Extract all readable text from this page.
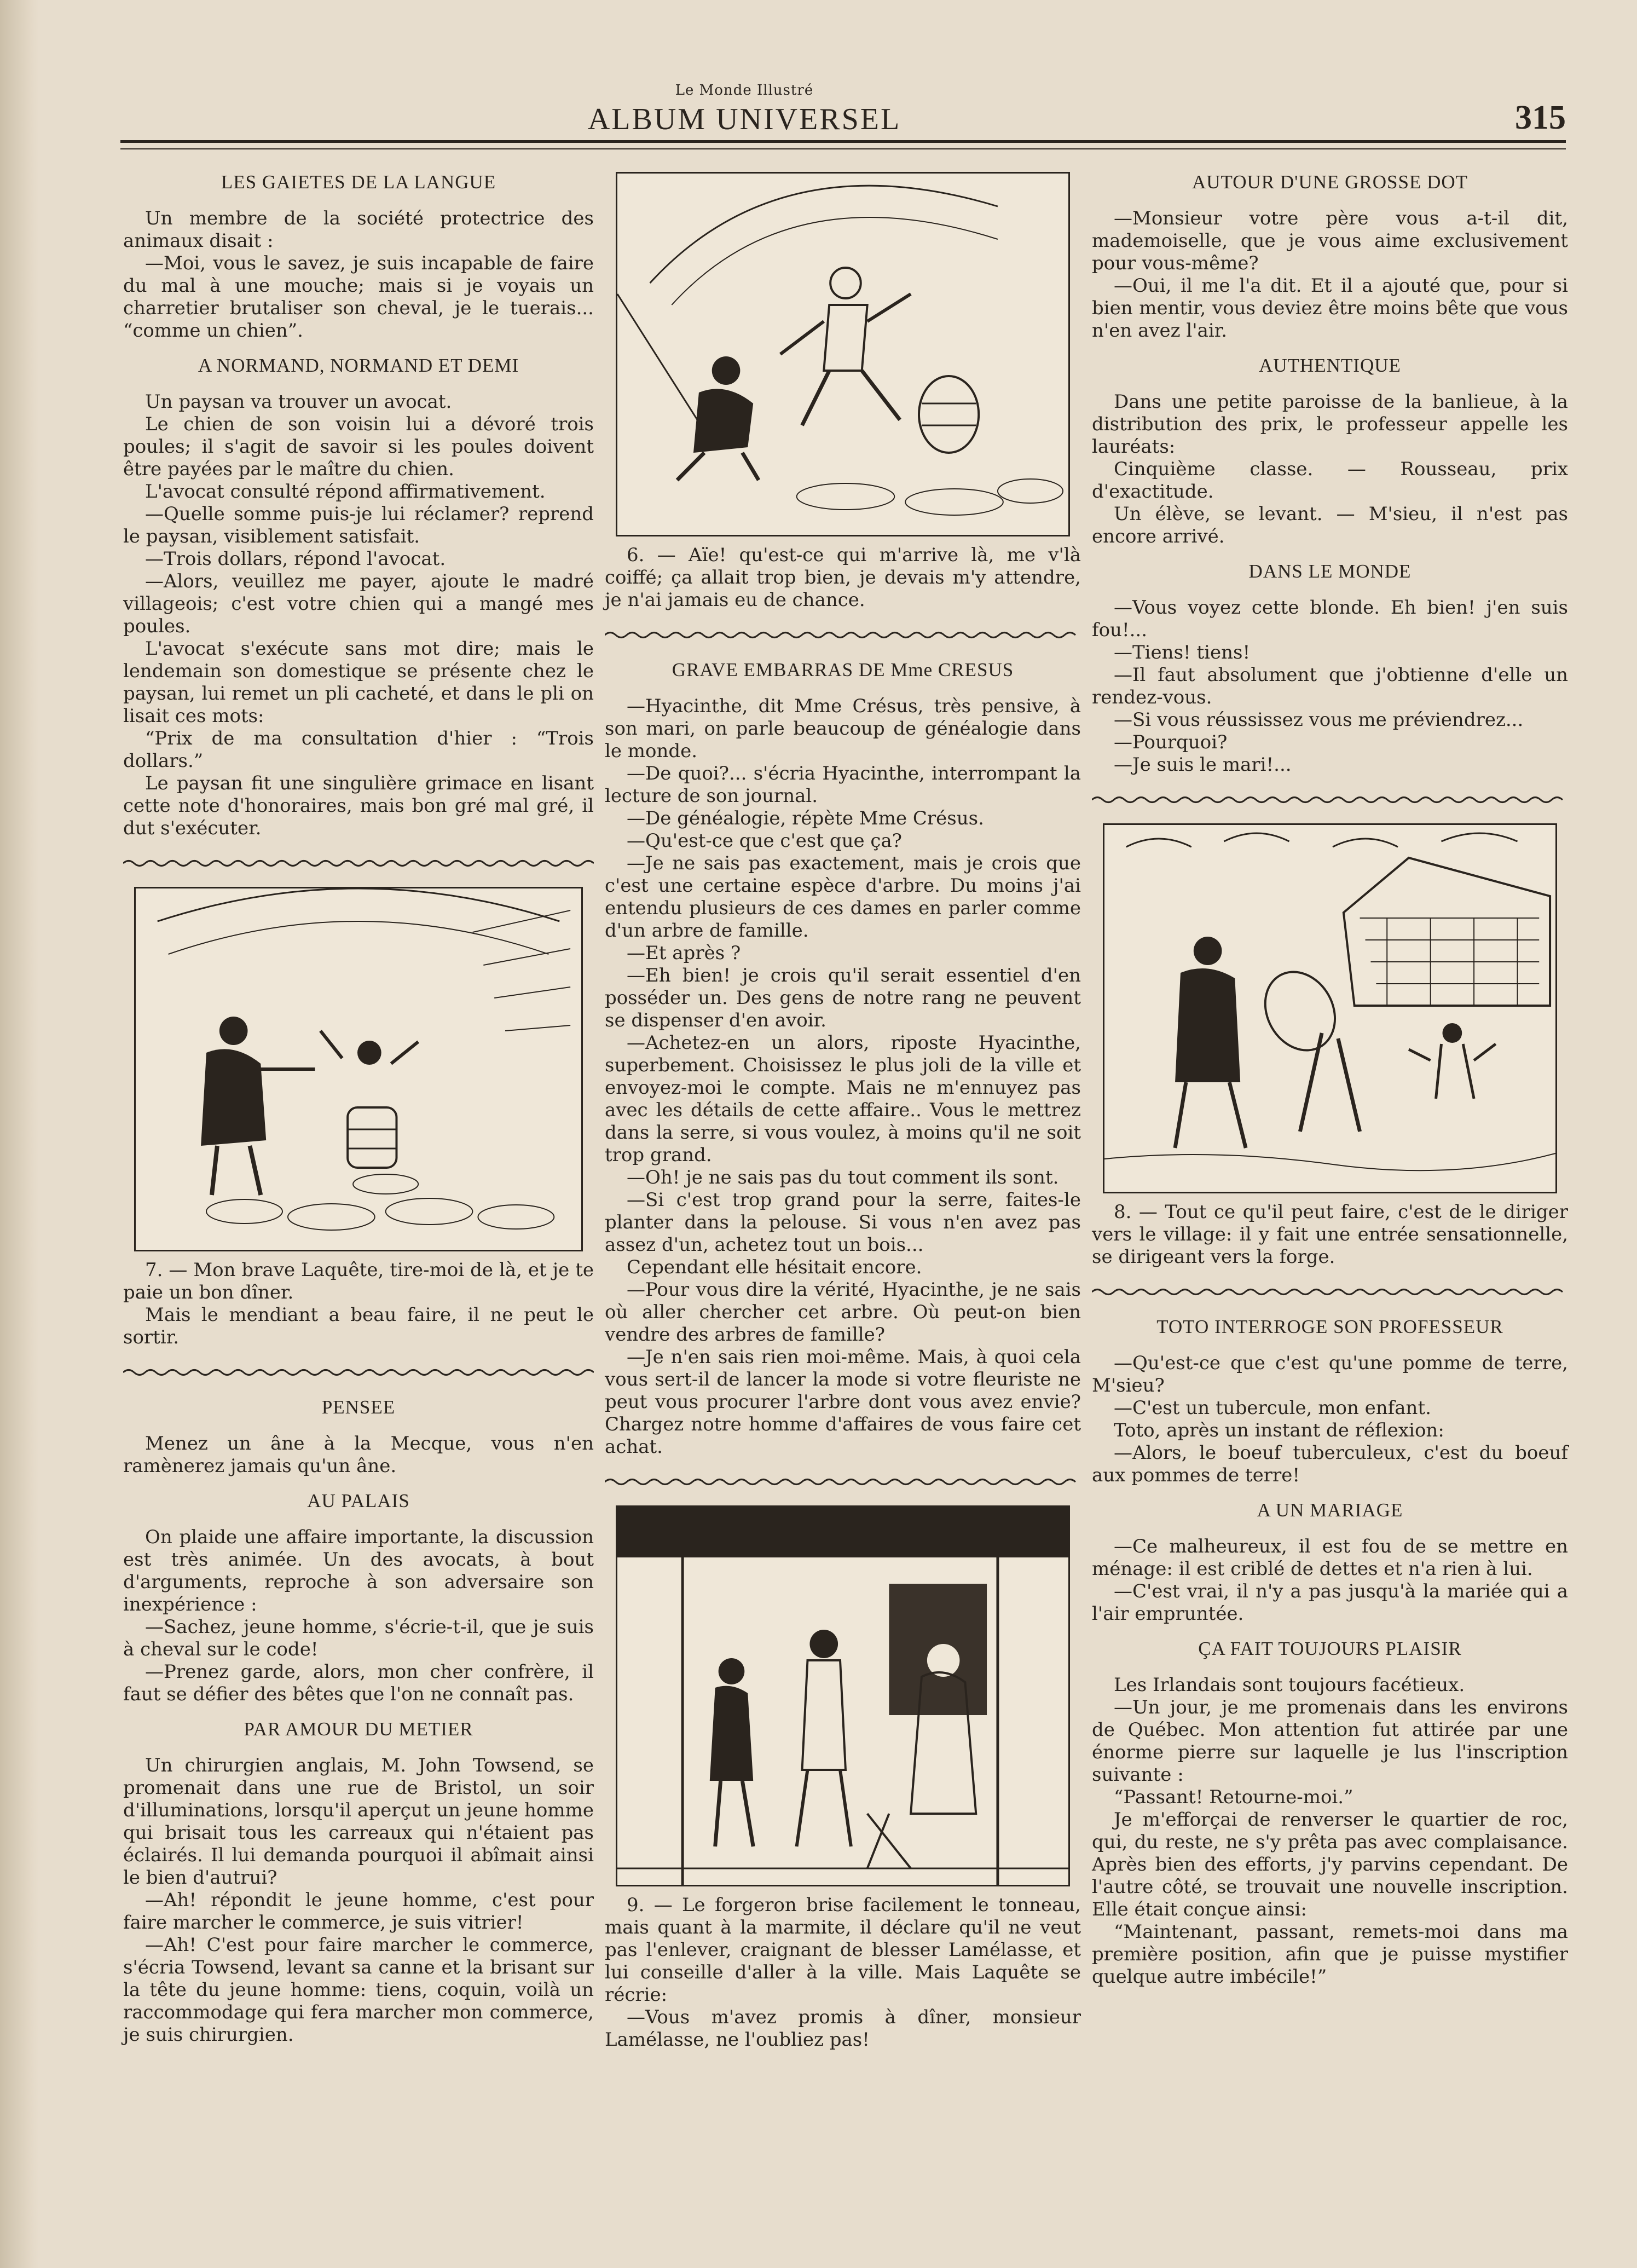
Le Monde Illustré
ALBUM UNIVERSEL	315
LES GAIETES DE LA LANGUE

Un membre de la société protectrice des animaux disait :

—Moi, vous le savez, je suis incapable de faire du mal à une mouche; mais si je voyais un charretier brutaliser son cheval, je le tuerais... “comme un chien”.

A NORMAND, NORMAND ET DEMI

Un paysan va trouver un avocat.

Le chien de son voisin lui a dévoré trois poules; il s'agit de savoir si les poules doivent être payées par le maître du chien.

L'avocat consulté répond affirmativement.

—Quelle somme puis-je lui réclamer? reprend le paysan, visiblement satisfait.

—Trois dollars, répond l'avocat.

—Alors, veuillez me payer, ajoute le madré villageois; c'est votre chien qui a mangé mes poules.

L'avocat s'exécute sans mot dire; mais le lendemain son domestique se présente chez le paysan, lui remet un pli cacheté, et dans le pli on lisait ces mots:

“Prix de ma consultation d'hier : “Trois dollars.”

Le paysan fit une singulière grimace en lisant cette note d'honoraires, mais bon gré mal gré, il dut s'exécuter.

7. — Mon brave Laquête, tire-moi de là, et je te paie un bon dîner.

Mais le mendiant a beau faire, il ne peut le sortir.

PENSEE

Menez un âne à la Mecque, vous n'en ramènerez jamais qu'un âne.

AU PALAIS

On plaide une affaire importante, la discussion est très animée. Un des avocats, à bout d'arguments, reproche à son adversaire son inexpérience :

—Sachez, jeune homme, s'écrie-t-il, que je suis à cheval sur le code!

—Prenez garde, alors, mon cher confrère, il faut se défier des bêtes que l'on ne connaît pas.

PAR AMOUR DU METIER

Un chirurgien anglais, M. John Towsend, se promenait dans une rue de Bristol, un soir d'illuminations, lorsqu'il aperçut un jeune homme qui brisait tous les carreaux qui n'étaient pas éclairés. Il lui demanda pourquoi il abîmait ainsi le bien d'autrui?

—Ah! répondit le jeune homme, c'est pour faire marcher le commerce, je suis vitrier!

—Ah! C'est pour faire marcher le commerce, s'écria Towsend, levant sa canne et la brisant sur la tête du jeune homme: tiens, coquin, voilà un raccommodage qui fera marcher mon commerce, je suis chirurgien.

6. — Aïe! qu'est-ce qui m'arrive là, me v'là coiffé; ça allait trop bien, je devais m'y attendre, je n'ai jamais eu de chance.

GRAVE EMBARRAS DE Mme CRESUS

—Hyacinthe, dit Mme Crésus, très pensive, à son mari, on parle beaucoup de généalogie dans le monde.

—De quoi?... s'écria Hyacinthe, interrompant la lecture de son journal.

—De généalogie, répète Mme Crésus.

—Qu'est-ce que c'est que ça?

—Je ne sais pas exactement, mais je crois que c'est une certaine espèce d'arbre. Du moins j'ai entendu plusieurs de ces dames en parler comme d'un arbre de famille.

—Et après ?

—Eh bien! je crois qu'il serait essentiel d'en posséder un. Des gens de notre rang ne peuvent se dispenser d'en avoir.

—Achetez-en un alors, riposte Hyacinthe, superbement. Choisissez le plus joli de la ville et envoyez-moi le compte. Mais ne m'ennuyez pas avec les détails de cette affaire.. Vous le mettrez dans la serre, si vous voulez, à moins qu'il ne soit trop grand.

—Oh! je ne sais pas du tout comment ils sont.

—Si c'est trop grand pour la serre, faites-le planter dans la pelouse. Si vous n'en avez pas assez d'un, achetez tout un bois...

Cependant elle hésitait encore.

—Pour vous dire la vérité, Hyacinthe, je ne sais où aller chercher cet arbre. Où peut-on bien vendre des arbres de famille?

—Je n'en sais rien moi-même. Mais, à quoi cela vous sert-il de lancer la mode si votre fleuriste ne peut vous procurer l'arbre dont vous avez envie? Chargez notre homme d'affaires de vous faire cet achat.

9. — Le forgeron brise facilement le tonneau, mais quant à la marmite, il déclare qu'il ne veut pas l'enlever, craignant de blesser Lamélasse, et lui conseille d'aller à la ville. Mais Laquête se récrie:

—Vous m'avez promis à dîner, monsieur Lamélasse, ne l'oubliez pas!

AUTOUR D'UNE GROSSE DOT

—Monsieur votre père vous a-t-il dit, mademoiselle, que je vous aime exclusivement pour vous-même?

—Oui, il me l'a dit. Et il a ajouté que, pour si bien mentir, vous deviez être moins bête que vous n'en avez l'air.

AUTHENTIQUE

Dans une petite paroisse de la banlieue, à la distribution des prix, le professeur appelle les lauréats:

Cinquième classe. — Rousseau, prix d'exactitude.

Un élève, se levant. — M'sieu, il n'est pas encore arrivé.

DANS LE MONDE

—Vous voyez cette blonde. Eh bien! j'en suis fou!...

—Tiens! tiens!

—Il faut absolument que j'obtienne d'elle un rendez-vous.

—Si vous réussissez vous me préviendrez...

—Pourquoi?

—Je suis le mari!...

8. — Tout ce qu'il peut faire, c'est de le diriger vers le village: il y fait une entrée sensationnelle, se dirigeant vers la forge.

TOTO INTERROGE SON PROFESSEUR

—Qu'est-ce que c'est qu'une pomme de terre, M'sieu?

—C'est un tubercule, mon enfant.

Toto, après un instant de réflexion:

—Alors, le boeuf tuberculeux, c'est du boeuf aux pommes de terre!

A UN MARIAGE

—Ce malheureux, il est fou de se mettre en ménage: il est criblé de dettes et n'a rien à lui.

—C'est vrai, il n'y a pas jusqu'à la mariée qui a l'air empruntée.

ÇA FAIT TOUJOURS PLAISIR

Les Irlandais sont toujours facétieux.

—Un jour, je me promenais dans les environs de Québec. Mon attention fut attirée par une énorme pierre sur laquelle je lus l'inscription suivante :

“Passant! Retourne-moi.”

Je m'efforçai de renverser le quartier de roc, qui, du reste, ne s'y prêta pas avec complaisance. Après bien des efforts, j'y parvins cependant. De l'autre côté, se trouvait une nouvelle inscription. Elle était conçue ainsi:

“Maintenant, passant, remets-moi dans ma première position, afin que je puisse mystifier quelque autre imbécile!”
